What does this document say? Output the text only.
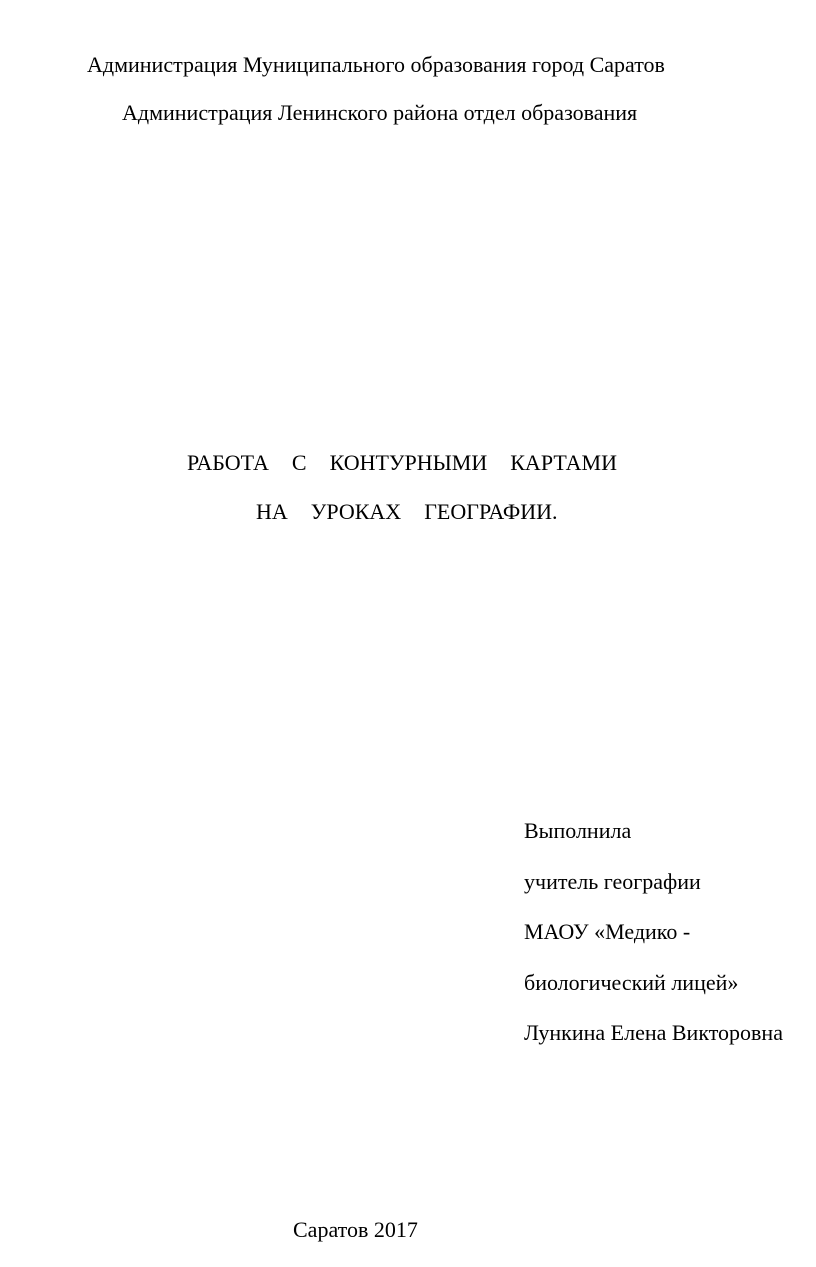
Администрация Муниципального образования город Саратов
Администрация Ленинского района отдел образования
РАБОТА  С  КОНТУРНЫМИ  КАРТАМИ
НА  УРОКАХ  ГЕОГРАФИИ.
Выполнила
учитель географии
МАОУ «Медико -
биологический лицей»
Лункина Елена Викторовна
Саратов 2017
